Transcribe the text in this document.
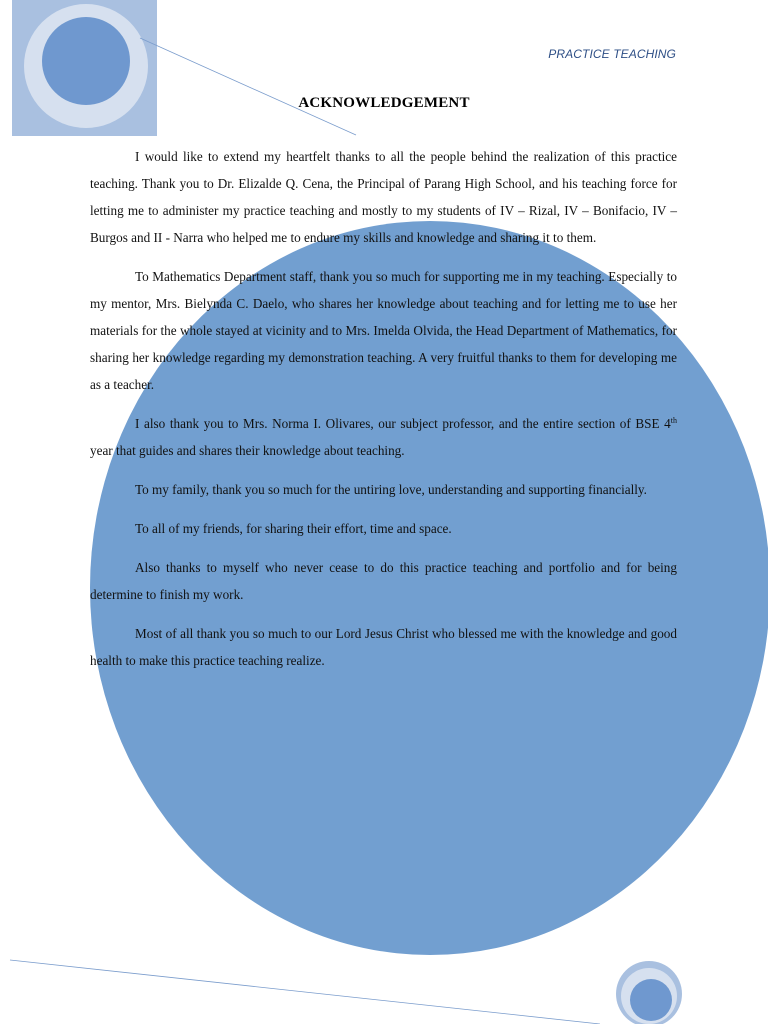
PRACTICE TEACHING
ACKNOWLEDGEMENT

I would like to extend my heartfelt thanks to all the people behind the realization of this practice teaching. Thank you to Dr. Elizalde Q. Cena, the Principal of Parang High School, and his teaching force for letting me to administer my practice teaching and mostly to my students of IV – Rizal, IV – Bonifacio, IV – Burgos and II - Narra who helped me to endure my skills and knowledge and sharing it to them.

To Mathematics Department staff, thank you so much for supporting me in my teaching. Especially to my mentor, Mrs. Bielynda C. Daelo, who shares her knowledge about teaching and for letting me to use her materials for the whole stayed at vicinity and to Mrs. Imelda Olvida, the Head Department of Mathematics, for sharing her knowledge regarding my demonstration teaching. A very fruitful thanks to them for developing me as a teacher.

I also thank you to Mrs. Norma I. Olivares, our subject professor, and the entire section of BSE 4th year that guides and shares their knowledge about teaching.

To my family, thank you so much for the untiring love, understanding and supporting financially.

To all of my friends, for sharing their effort, time and space.

Also thanks to myself who never cease to do this practice teaching and portfolio and for being determine to finish my work.

Most of all thank you so much to our Lord Jesus Christ who blessed me with the knowledge and good health to make this practice teaching realize.
